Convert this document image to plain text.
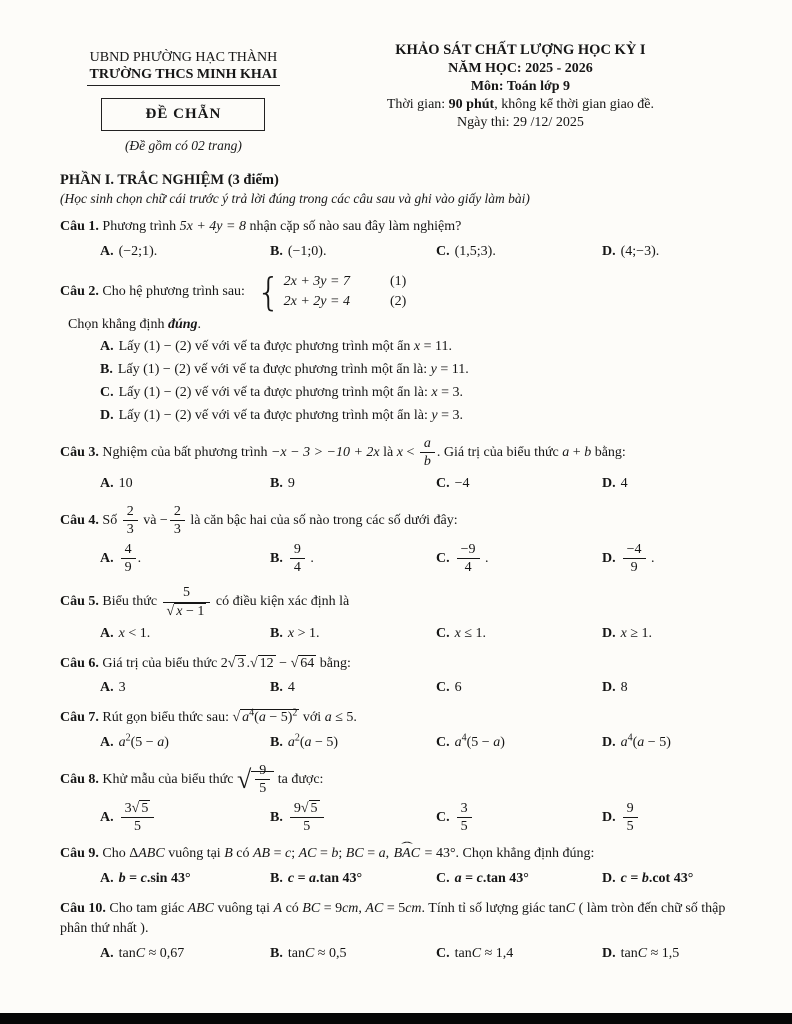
UBND PHƯỜNG HẠC THÀNH
TRƯỜNG THCS MINH KHAI
ĐỀ CHẴN
(Đề gồm có 02 trang)
KHẢO SÁT CHẤT LƯỢNG HỌC KỲ I
NĂM HỌC: 2025 - 2026
Môn: Toán lớp 9
Thời gian: 90 phút, không kể thời gian giao đề.
Ngày thi: 29 /12/ 2025
PHẦN I. TRẮC NGHIỆM (3 điểm)
(Học sinh chọn chữ cái trước ý trả lời đúng trong các câu sau và ghi vào giấy làm bài)
Câu 1. Phương trình 5x + 4y = 8 nhận cặp số nào sau đây làm nghiệm?
A. (−2;1).	B. (−1;0).	C. (1,5;3).	D. (4;−3).
Câu 2. Cho hệ phương trình sau: { 2x + 3y = 7	(1)
2x + 2y = 4	(2)
Chọn khẳng định đúng.
A. Lấy (1) − (2) vế với vế ta được phương trình một ẩn x = 11.
B. Lấy (1) − (2) vế với vế ta được phương trình một ẩn là: y = 11.
C. Lấy (1) − (2) vế với vế ta được phương trình một ẩn là: x = 3.
D. Lấy (1) − (2) vế với vế ta được phương trình một ẩn là: y = 3.
Câu 3. Nghiệm của bất phương trình −x − 3 > −10 + 2x là $x < \frac{a}{b}$ . Giá trị của biểu thức a + b bằng:
A. 10	B. 9	C. −4	D. 4
Câu 4. Số $\frac{2}{3}$ và − $\frac{2}{3}$ là căn bậc hai của số nào trong các số dưới đây:
A. $\frac{4}{9}$ .	B. $\frac{9}{4}$ .	C. $\frac{-9}{4}$ .	D. $\frac{-4}{9}$ .
Câu 5. Biểu thức $\frac{5}{√ x - 1}$ có điều kiện xác định là
A. x < 1.	B. x > 1.	C. x ≤ 1.	D. x ≥ 1.
Câu 6. Giá trị của biểu thức 2√ 3 .√ 12 − √ 64 bằng:
A. 3	B. 4	C. 6	D. 8
Câu 7. Rút gọn biểu thức sau: √ $a^4(a - 5)^2$ với a ≤ 5.
A. $a^2(5 - a)$	B. $a^2(a - 5)$	C. $a^4(5 - a)$	D. $a^4(a - 5)$
Câu 8. Khử mẫu của biểu thức √ $\frac{9}{5}$ ta được:
A. $\frac{3√ 5}{5}$	B. $\frac{9√ 5}{5}$	C. $\frac{3}{5}$	D. $\frac{9}{5}$
Câu 9. Cho ΔABC vuông tại B có AB = c; AC = b; BC = a, ˆ BAC = 43°. Chọn khẳng định đúng:
A. b = c.sin 43°	B. c = a.tan 43°	C. a = c.tan 43°	D. c = b.cot 43°
Câu 10. Cho tam giác ABC vuông tại A có BC = 9cm, AC = 5cm. Tính tỉ số lượng giác tanC ( làm tròn đến chữ số thập phân thứ nhất ).
A. tanC ≈ 0,67	B. tanC ≈ 0,5	C. tanC ≈ 1,4	D. tanC ≈ 1,5
